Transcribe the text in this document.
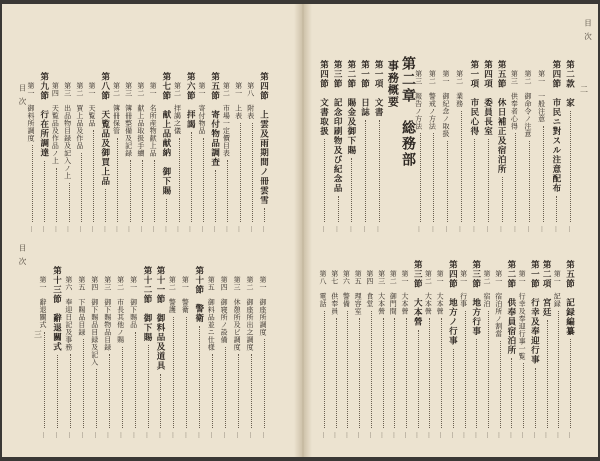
目次
目次
三
第四節　上雲及雨期間ノ冊雲雪
…
第八　附表
…
第一　上表
…
第二　市場一定價目表
…
第五節　寄付物品調査
…
第一　寄付物品
…
第六節　拝謁
…
第二　拝謁之儀
…
第七節　献上品献納　御下賜
…
第一　名所産物献上品
…
第二　献上品取扱手續
…
第三　簿冊整備及記録
…
第二　簿冊保管
…
第八節　天覧品及御買上品
…
第一　天覧品
…
第二　買上品及作品
…
第三　出品物目録及記入ノ上
…
第四　天覧品及作品ノ上
…
第九節　行在所調達
…
第一　御料所調度
…
第一　御座所調度
…
第二　御座所出之調度
…
第三　休憩所及ビ調度
…
第四　御寝所ノ設備
…
第五　御料品並ニ仕様
…
第十節　警衛
…
第一　警衛
…
第二　警護
…
第十一節　御料品及道具
…
第十二節　御下賜
…
第一　御下賜品
…
第二　市長其他ノ賜
…
第三　御下賜物品目録
…
第四　御下賜品目録及記入
…
第五　下賜品目録
…
第六　奉迎日記及事務
…
第十三節　辭退關式
…
第一　辭退關式
…
目次
二
第二款　家
…
第四節　市民ニ對スル注意配布
…
第一　一般注意
…
第二　御命令ノ注意
…
第三　供奉者心得
…
第五節　休日補正及宿泊所
…
第四項　委員長室
…
第一項　市民心得
…
第二　業務
…
第一　御紀念ノ取扱
…
第二　警戒ノ方法
…
第三　報告ノ方法
…
第二章　総務部
事務概要
第一項　文書
…
第一節　日誌
…
第二節　賜金及御下賜
…
第三節　記念印刷物及び紀念品
…
第四節　文書取扱
…
第五節　記録編纂
…
第一　記録
…
第二項　宮廷
…
第一節　行幸及奉迎行事
…
第一　行幸及奉迎行事一覧
…
第二節　供奉員宿泊所
…
第一　宿泊所ノ割當
…
第二　宿泊
…
第三節　地方行事
…
第一　行事
…
第四節　地方ノ行事
…
第一　大本營
…
第二　大本營
…
第三節　大本營
…
第一　大本營
…
第二　御門間
…
第三　大本營
…
第四　食堂
…
第五　理容室
…
第六　警備
…
第七　供奉員
…
第八　電話
…
